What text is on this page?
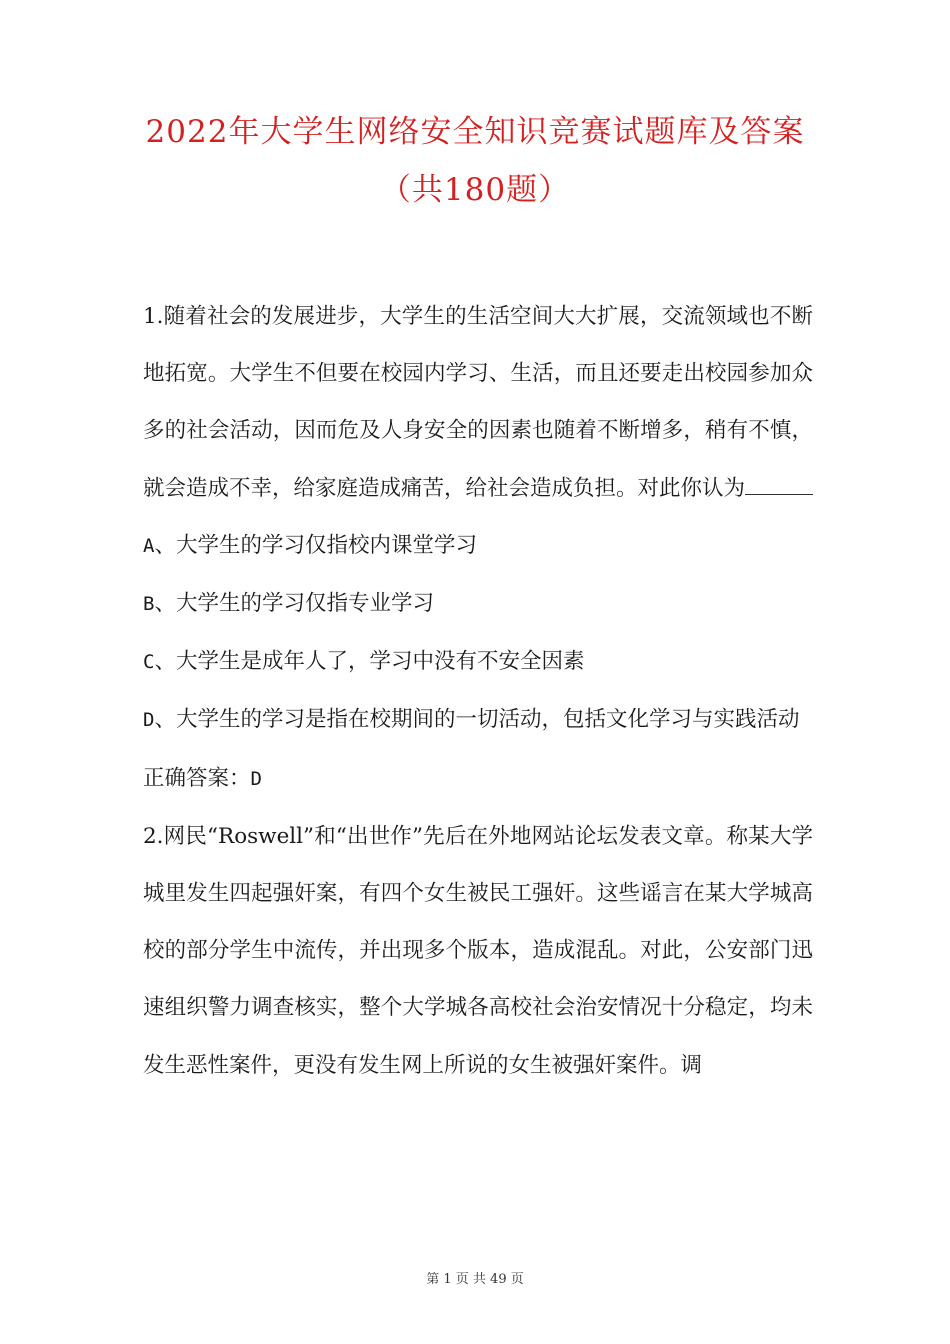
2022年大学生网络安全知识竞赛试题库及答案
（共180题）

1.随着社会的发展进步，大学生的生活空间大大扩展，交流领域也不断地拓宽。大学生不但要在校园内学习、生活，而且还要走出校园参加众多的社会活动，因而危及人身安全的因素也随着不断增多，稍有不慎，就会造成不幸，给家庭造成痛苦，给社会造成负担。对此你认为

A、大学生的学习仅指校内课堂学习

B、大学生的学习仅指专业学习

C、大学生是成年人了，学习中没有不安全因素

D、大学生的学习是指在校期间的一切活动，包括文化学习与实践活动

正确答案：D

2.网民“Roswell”和“出世作”先后在外地网站论坛发表文章。称某大学城里发生四起强奸案，有四个女生被民工强奸。这些谣言在某大学城高校的部分学生中流传，并出现多个版本，造成混乱。对此，公安部门迅速组织警力调查核实，整个大学城各高校社会治安情况十分稳定，均未发生恶性案件，更没有发生网上所说的女生被强奸案件。调

第 1 页 共 49 页
